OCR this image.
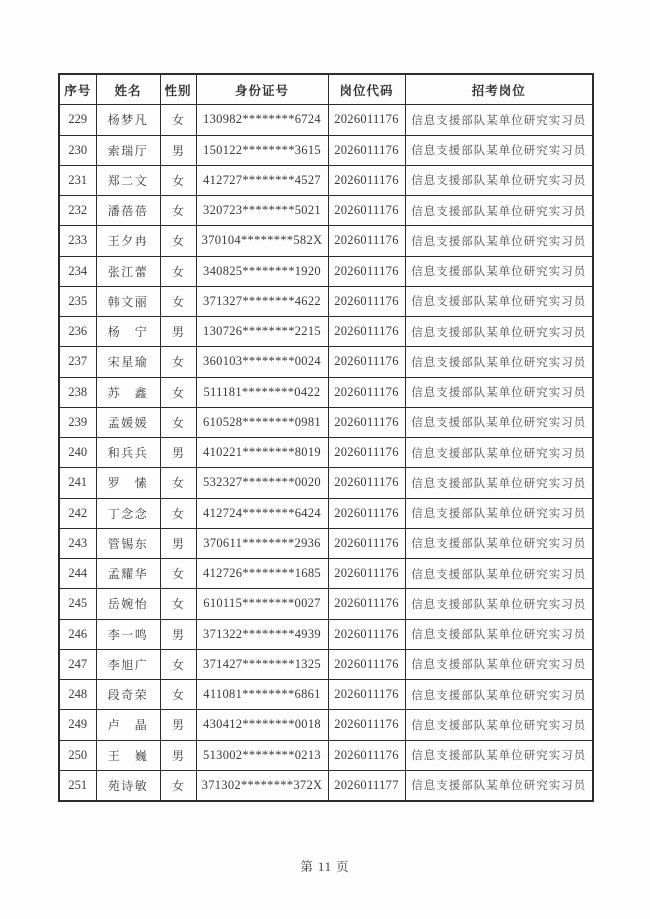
序号	姓名	性别	身份证号	岗位代码	招考岗位
229	杨梦凡	女	130982********6724	2026011176	信息支援部队某单位研究实习员
230	索瑞厅	男	150122********3615	2026011176	信息支援部队某单位研究实习员
231	郑二文	女	412727********4527	2026011176	信息支援部队某单位研究实习员
232	潘蓓蓓	女	320723********5021	2026011176	信息支援部队某单位研究实习员
233	王夕冉	女	370104********582X	2026011176	信息支援部队某单位研究实习员
234	张江蕾	女	340825********1920	2026011176	信息支援部队某单位研究实习员
235	韩文丽	女	371327********4622	2026011176	信息支援部队某单位研究实习员
236	杨　宁	男	130726********2215	2026011176	信息支援部队某单位研究实习员
237	宋星瑜	女	360103********0024	2026011176	信息支援部队某单位研究实习员
238	苏　鑫	女	511181********0422	2026011176	信息支援部队某单位研究实习员
239	孟媛媛	女	610528********0981	2026011176	信息支援部队某单位研究实习员
240	和兵兵	男	410221********8019	2026011176	信息支援部队某单位研究实习员
241	罗　愫	女	532327********0020	2026011176	信息支援部队某单位研究实习员
242	丁念念	女	412724********6424	2026011176	信息支援部队某单位研究实习员
243	管锡东	男	370611********2936	2026011176	信息支援部队某单位研究实习员
244	孟耀华	女	412726********1685	2026011176	信息支援部队某单位研究实习员
245	岳婉怡	女	610115********0027	2026011176	信息支援部队某单位研究实习员
246	李一鸣	男	371322********4939	2026011176	信息支援部队某单位研究实习员
247	李旭广	女	371427********1325	2026011176	信息支援部队某单位研究实习员
248	段奇荣	女	411081********6861	2026011176	信息支援部队某单位研究实习员
249	卢　晶	男	430412********0018	2026011176	信息支援部队某单位研究实习员
250	王　巍	男	513002********0213	2026011176	信息支援部队某单位研究实习员
251	苑诗敏	女	371302********372X	2026011177	信息支援部队某单位研究实习员
第 11 页
